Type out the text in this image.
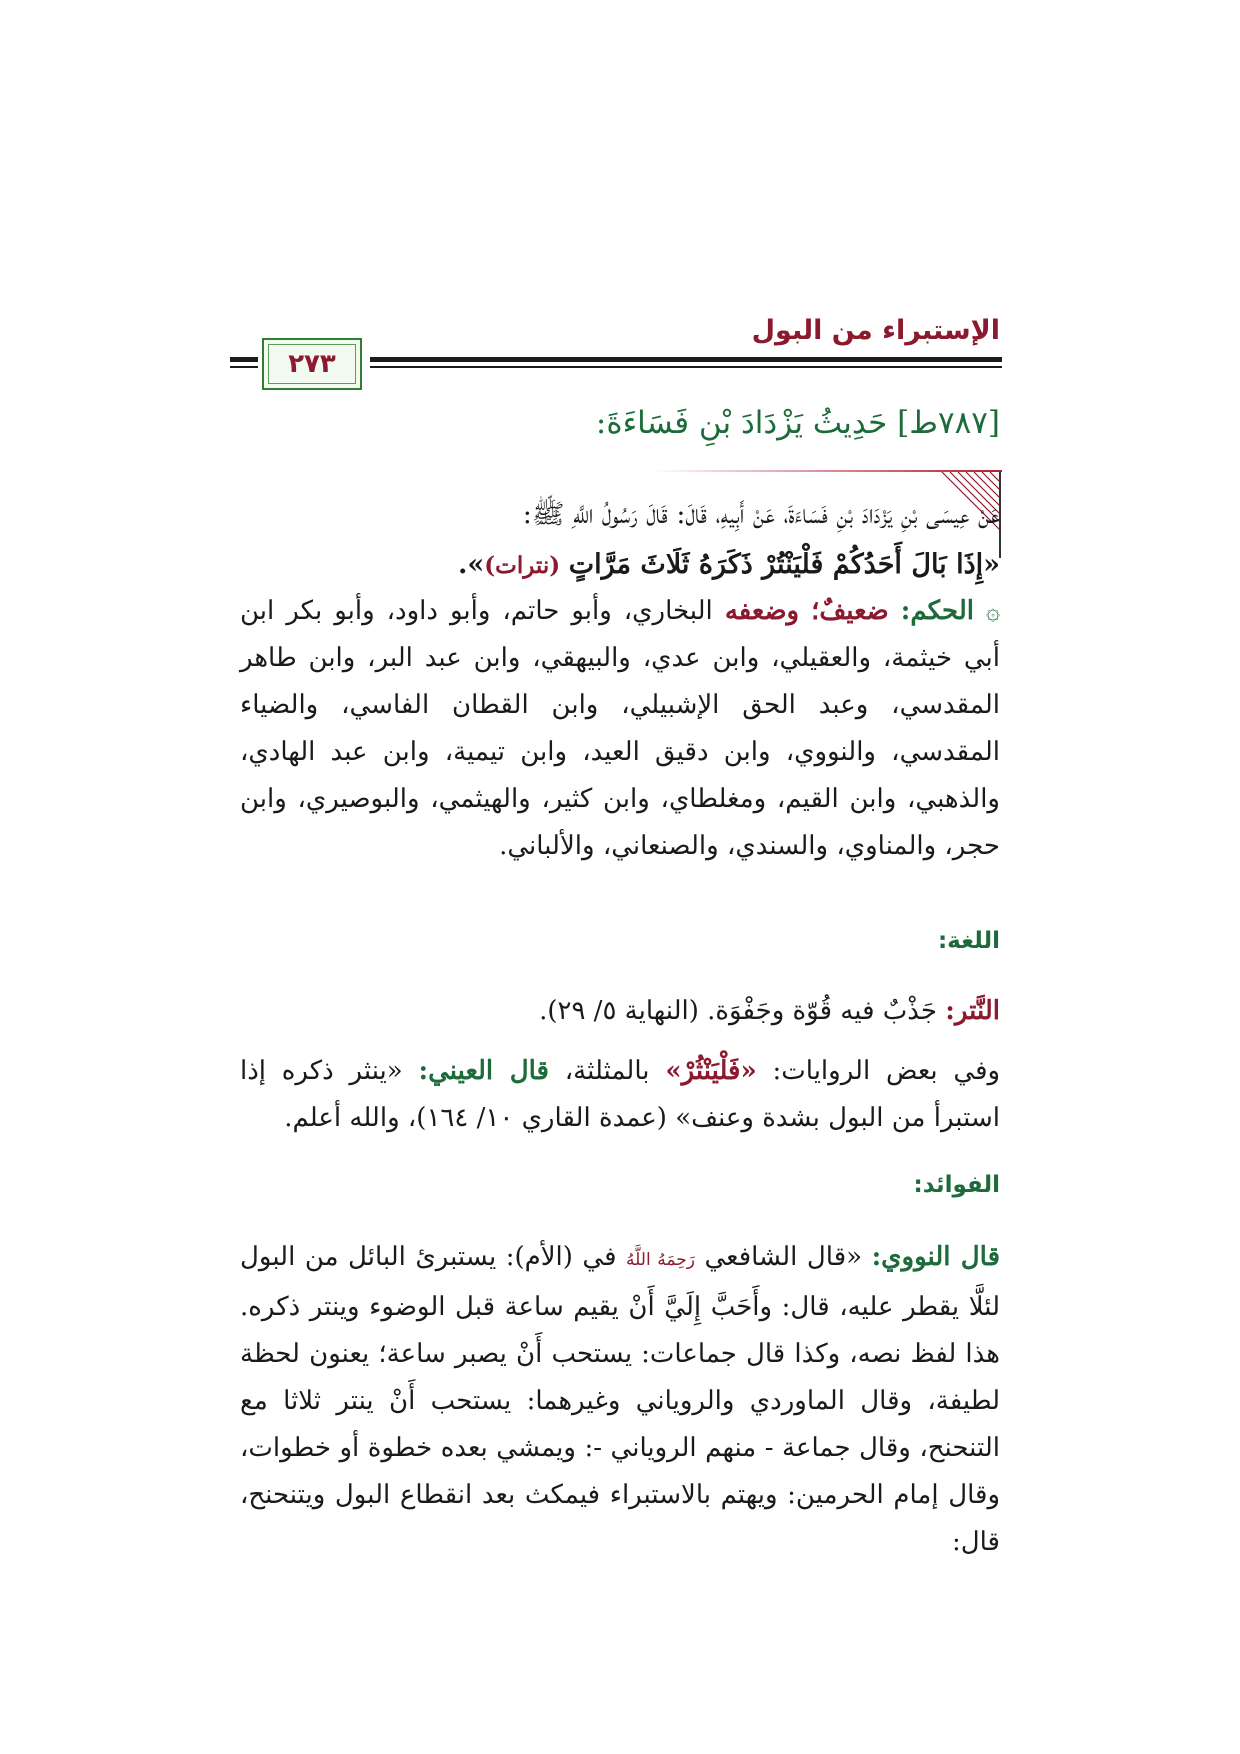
الإستبراء من البول
٢٧٣
[٧٨٧ط] حَدِيثُ يَزْدَادَ بْنِ فَسَاءَةَ:
عَنْ عِيسَى بْنِ يَزْدَادَ بْنِ فَسَاءَةَ، عَنْ أَبِيهِ، قَالَ: قَالَ رَسُولُ اللَّهِ ﷺ:
«إِذَا بَالَ أَحَدُكُمْ فَلْيَنْتُرْ ذَكَرَهُ ثَلَاثَ مَرَّاتٍ (نترات)».
۞ الحكم: ضعيفٌ؛ وضعفه البخاري، وأبو حاتم، وأبو داود، وأبو بكر ابن أبي خيثمة، والعقيلي، وابن عدي، والبيهقي، وابن عبد البر، وابن طاهر المقدسي، وعبد الحق الإشبيلي، وابن القطان الفاسي، والضياء المقدسي، والنووي، وابن دقيق العيد، وابن تيمية، وابن عبد الهادي، والذهبي، وابن القيم، ومغلطاي، وابن كثير، والهيثمي، والبوصيري، وابن حجر، والمناوي، والسندي، والصنعاني، والألباني.
اللغة:
النَّتر: جَذْبٌ فيه قُوّة وجَفْوَة. (النهاية ٥/ ٢٩).
وفي بعض الروايات: «فَلْيَنْثُرْ» بالمثلثة، قال العيني: «ينثر ذكره إذا استبرأ من البول بشدة وعنف» (عمدة القاري ١٠/ ١٦٤)، والله أعلم.
الفوائد:
قال النووي: «قال الشافعي رَحِمَهُ اللَّهُ في (الأم): يستبرئ البائل من البول لئلَّا يقطر عليه، قال: وأَحَبَّ إِلَيَّ أَنْ يقيم ساعة قبل الوضوء وينتر ذكره. هذا لفظ نصه، وكذا قال جماعات: يستحب أَنْ يصبر ساعة؛ يعنون لحظة لطيفة، وقال الماوردي والروياني وغيرهما: يستحب أَنْ ينتر ثلاثا مع التنحنح، وقال جماعة - منهم الروياني -: ويمشي بعده خطوة أو خطوات، وقال إمام الحرمين: ويهتم بالاستبراء فيمكث بعد انقطاع البول ويتنحنح، قال:
